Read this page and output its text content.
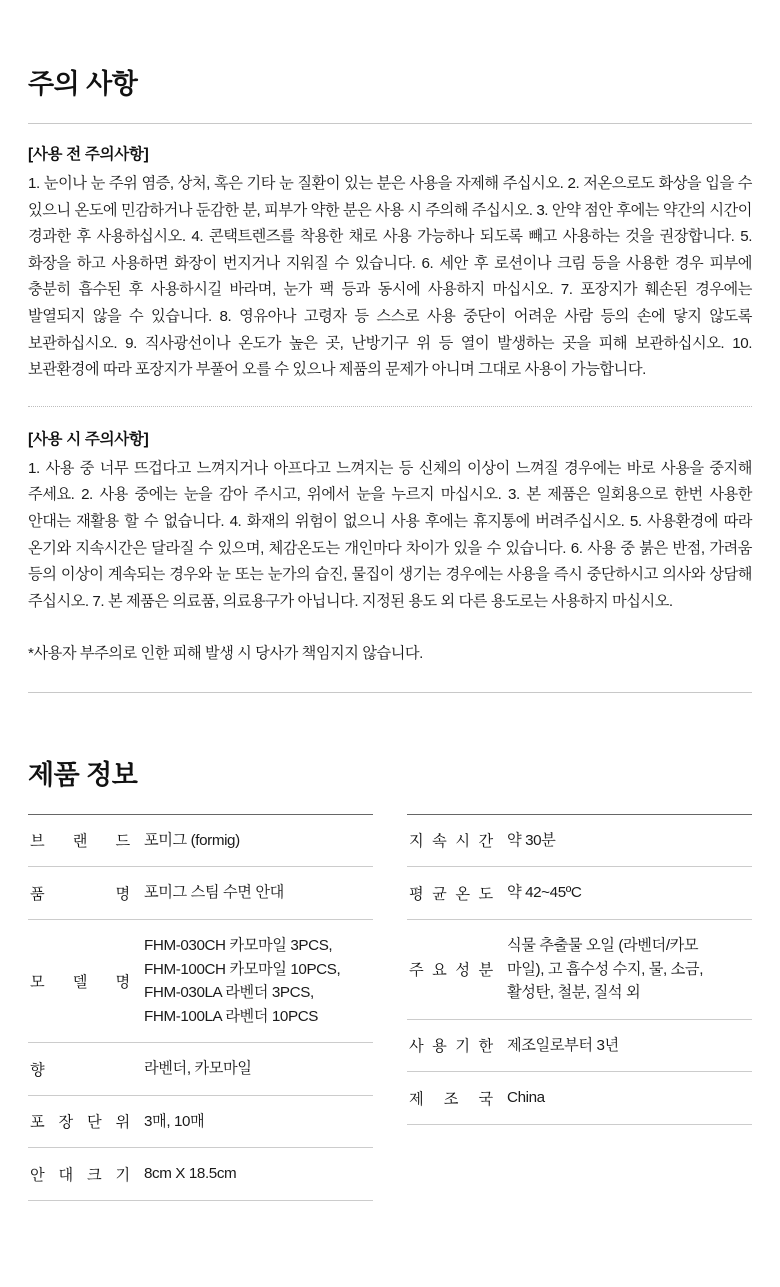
주의 사항

[사용 전 주의사항]

1. 눈이나 눈 주위 염증, 상처, 혹은 기타 눈 질환이 있는 분은 사용을 자제해 주십시오. 2. 저온으로도 화상을 입을 수 있으니 온도에 민감하거나 둔감한 분, 피부가 약한 분은 사용 시 주의해 주십시오. 3. 안약 점안 후에는 약간의 시간이 경과한 후 사용하십시오. 4. 콘택트렌즈를 착용한 채로 사용 가능하나 되도록 빼고 사용하는 것을 권장합니다. 5. 화장을 하고 사용하면 화장이 번지거나 지워질 수 있습니다. 6. 세안 후 로션이나 크림 등을 사용한 경우 피부에 충분히 흡수된 후 사용하시길 바라며, 눈가 팩 등과 동시에 사용하지 마십시오. 7. 포장지가 훼손된 경우에는 발열되지 않을 수 있습니다. 8. 영유아나 고령자 등 스스로 사용 중단이 어려운 사람 등의 손에 닿지 않도록 보관하십시오. 9. 직사광선이나 온도가 높은 곳, 난방기구 위 등 열이 발생하는 곳을 피해 보관하십시오. 10. 보관환경에 따라 포장지가 부풀어 오를 수 있으나 제품의 문제가 아니며 그대로 사용이 가능합니다.

[사용 시 주의사항]

1. 사용 중 너무 뜨겁다고 느껴지거나 아프다고 느껴지는 등 신체의 이상이 느껴질 경우에는 바로 사용을 중지해 주세요. 2. 사용 중에는 눈을 감아 주시고, 위에서 눈을 누르지 마십시오. 3. 본 제품은 일회용으로 한번 사용한 안대는 재활용 할 수 없습니다. 4. 화재의 위험이 없으니 사용 후에는 휴지통에 버려주십시오. 5. 사용환경에 따라 온기와 지속시간은 달라질 수 있으며, 체감온도는 개인마다 차이가 있을 수 있습니다. 6. 사용 중 붉은 반점, 가려움 등의 이상이 계속되는 경우와 눈 또는 눈가의 습진, 물집이 생기는 경우에는 사용을 즉시 중단하시고 의사와 상담해 주십시오. 7. 본 제품은 의료품, 의료용구가 아닙니다. 지정된 용도 외 다른 용도로는 사용하지 마십시오.

*사용자 부주의로 인한 피해 발생 시 당사가 책임지지 않습니다.

제품 정보
브 랜 드	포미그 (formig)

품 명	포미그 스팀 수면 안대

모 델 명	FHM-030CH 카모마일 3PCS,
FHM-100CH 카모마일 10PCS,
FHM-030LA 라벤더 3PCS,
FHM-100LA 라벤더 10PCS

향	라벤더, 카모마일

포 장 단 위	3매, 10매

안 대 크 기	8cm X 18.5cm
지 속 시 간	약 30분

평 균 온 도	약 42~45ºC

주 요 성 분	식물 추출물 오일 (라벤더/카모
마일), 고 흡수성 수지, 물, 소금,
활성탄, 철분, 질석 외

사 용 기 한	제조일로부터 3년

제 조 국	China
